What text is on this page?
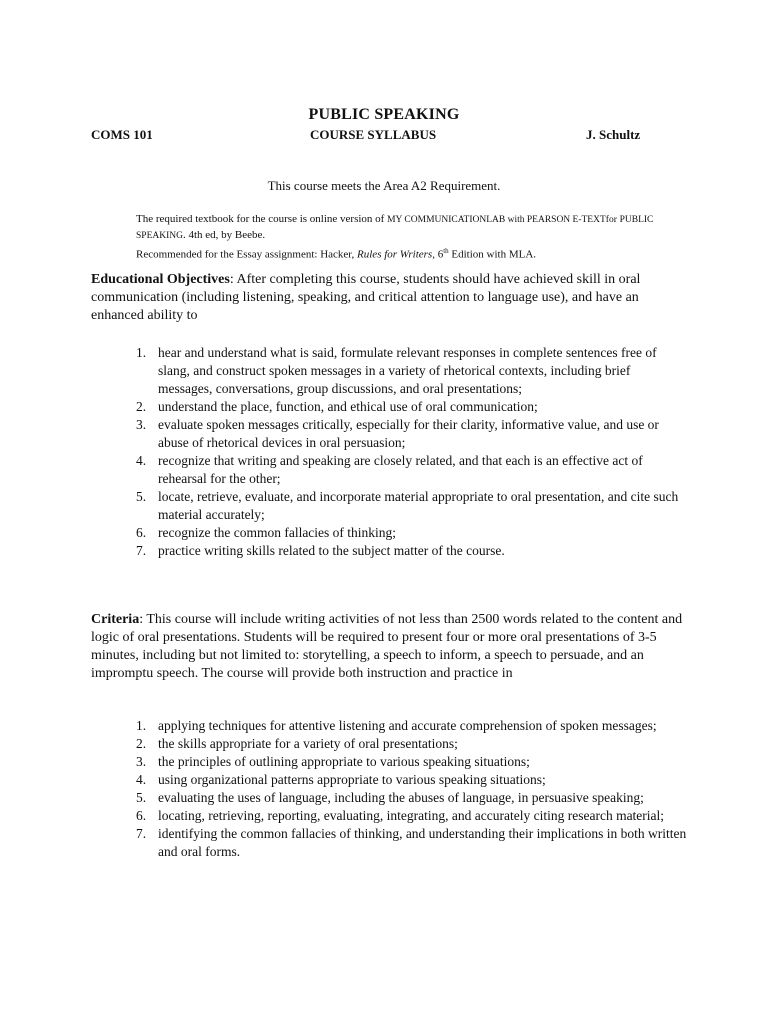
PUBLIC SPEAKING
COMS 101	COURSE SYLLABUS	J. Schultz
This course meets the Area A2 Requirement.
The required textbook for the course is online version of MY COMMUNICATIONLAB with PEARSON E-TEXTfor PUBLIC SPEAKING. 4th ed, by Beebe.
Recommended for the Essay assignment: Hacker, Rules for Writers, 6th Edition with MLA.
Educational Objectives: After completing this course, students should have achieved skill in oral communication (including listening, speaking, and critical attention to language use), and have an enhanced ability to
1. hear and understand what is said, formulate relevant responses in complete sentences free of slang, and construct spoken messages in a variety of rhetorical contexts, including brief messages, conversations, group discussions, and oral presentations;
2. understand the place, function, and ethical use of oral communication;
3. evaluate spoken messages critically, especially for their clarity, informative value, and use or abuse of rhetorical devices in oral persuasion;
4. recognize that writing and speaking are closely related, and that each is an effective act of rehearsal for the other;
5. locate, retrieve, evaluate, and incorporate material appropriate to oral presentation, and cite such material accurately;
6. recognize the common fallacies of thinking;
7. practice writing skills related to the subject matter of the course.
Criteria: This course will include writing activities of not less than 2500 words related to the content and logic of oral presentations. Students will be required to present four or more oral presentations of 3-5 minutes, including but not limited to: storytelling, a speech to inform, a speech to persuade, and an impromptu speech. The course will provide both instruction and practice in
1. applying techniques for attentive listening and accurate comprehension of spoken messages;
2. the skills appropriate for a variety of oral presentations;
3. the principles of outlining appropriate to various speaking situations;
4. using organizational patterns appropriate to various speaking situations;
5. evaluating the uses of language, including the abuses of language, in persuasive speaking;
6. locating, retrieving, reporting, evaluating, integrating, and accurately citing research material;
7. identifying the common fallacies of thinking, and understanding their implications in both written and oral forms.
